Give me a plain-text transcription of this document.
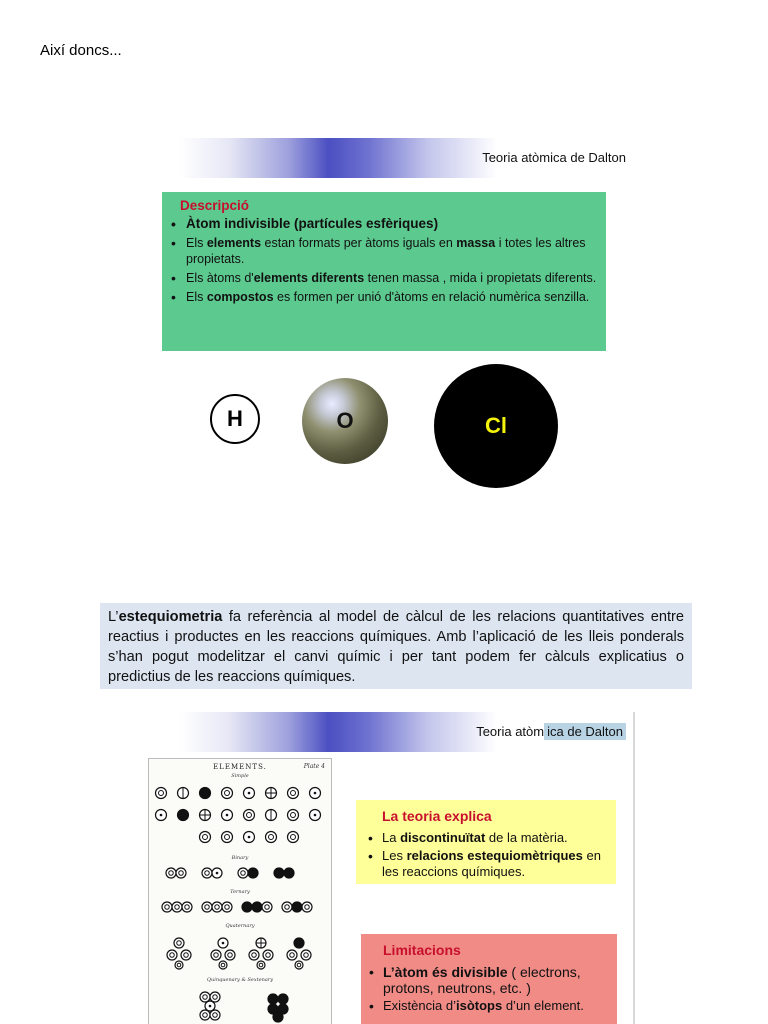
Així doncs...
Teoria atòmica de Dalton
Descripció
• Àtom indivisible (partícules esfèriques)
• Els elements estan formats per àtoms iguals en massa i totes les altres propietats.
• Els àtoms d'elements diferents tenen massa , mida i propietats diferents.
• Els compostos es formen per unió d'àtoms en relació numèrica senzilla.
H	O	Cl
L’estequiometria fa referència al model de càlcul de les relacions quantitatives entre reactius i productes en les reaccions químiques. Amb l’aplicació de les lleis ponderals s’han pogut modelitzar el canvi químic i per tant podem fer càlculs explicatius o predictius de les reaccions químiques.
Teoria atòm ica de Dalton
ELEMENTS.	Plate 4
Simple
Binary
Ternary
Quaternary
Quinquenary & Sextenary
La teoria explica
• La discontinuïtat de la matèria.
• Les relacions estequiomètriques en les reaccions químiques.
Limitacions
• L’àtom és divisible ( electrons, protons, neutrons, etc. )
• Existència d’isòtops d’un element.
